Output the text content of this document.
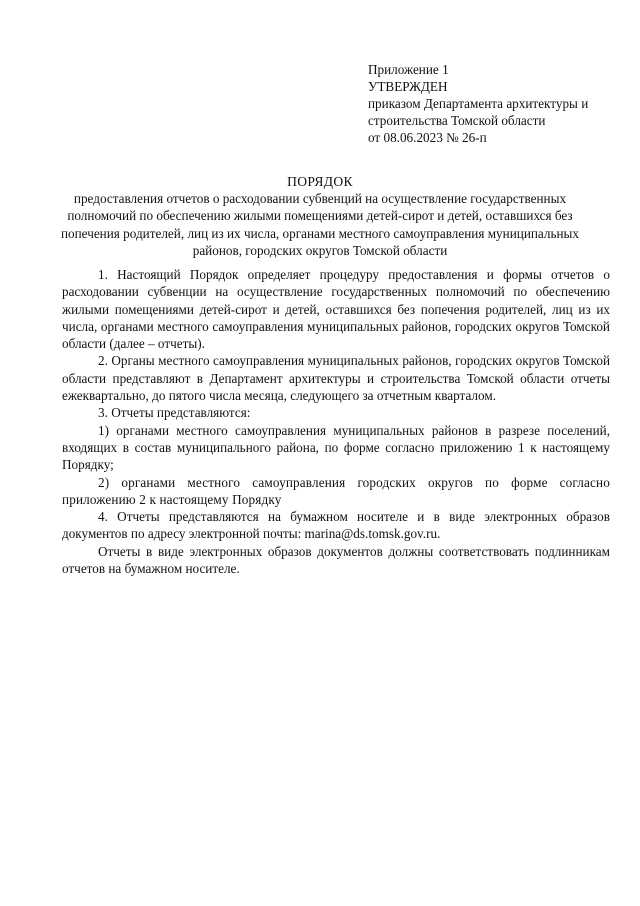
Приложение 1
УТВЕРЖДЕН
приказом Департамента архитектуры и
строительства Томской области
от 08.06.2023 № 26-п
ПОРЯДОК
предоставления отчетов о расходовании субвенций на осуществление государственных полномочий по обеспечению жилыми помещениями детей-сирот и детей, оставшихся без попечения родителей, лиц из их числа, органами местного самоуправления муниципальных районов, городских округов Томской области

1. Настоящий Порядок определяет процедуру предоставления и формы отчетов о расходовании субвенции на осуществление государственных полномочий по обеспечению жилыми помещениями детей-сирот и детей, оставшихся без попечения родителей, лиц из их числа, органами местного самоуправления муниципальных районов, городских округов Томской области (далее – отчеты).

2. Органы местного самоуправления муниципальных районов, городских округов Томской области представляют в Департамент архитектуры и строительства Томской области отчеты ежеквартально, до пятого числа месяца, следующего за отчетным кварталом.

3. Отчеты представляются:

1) органами местного самоуправления муниципальных районов в разрезе поселений, входящих в состав муниципального района, по форме согласно приложению 1 к настоящему Порядку;

2) органами местного самоуправления городских округов по форме согласно приложению 2 к настоящему Порядку

4. Отчеты представляются на бумажном носителе и в виде электронных образов документов по адресу электронной почты: marina@ds.tomsk.gov.ru.

Отчеты в виде электронных образов документов должны соответствовать подлинникам отчетов на бумажном носителе.
